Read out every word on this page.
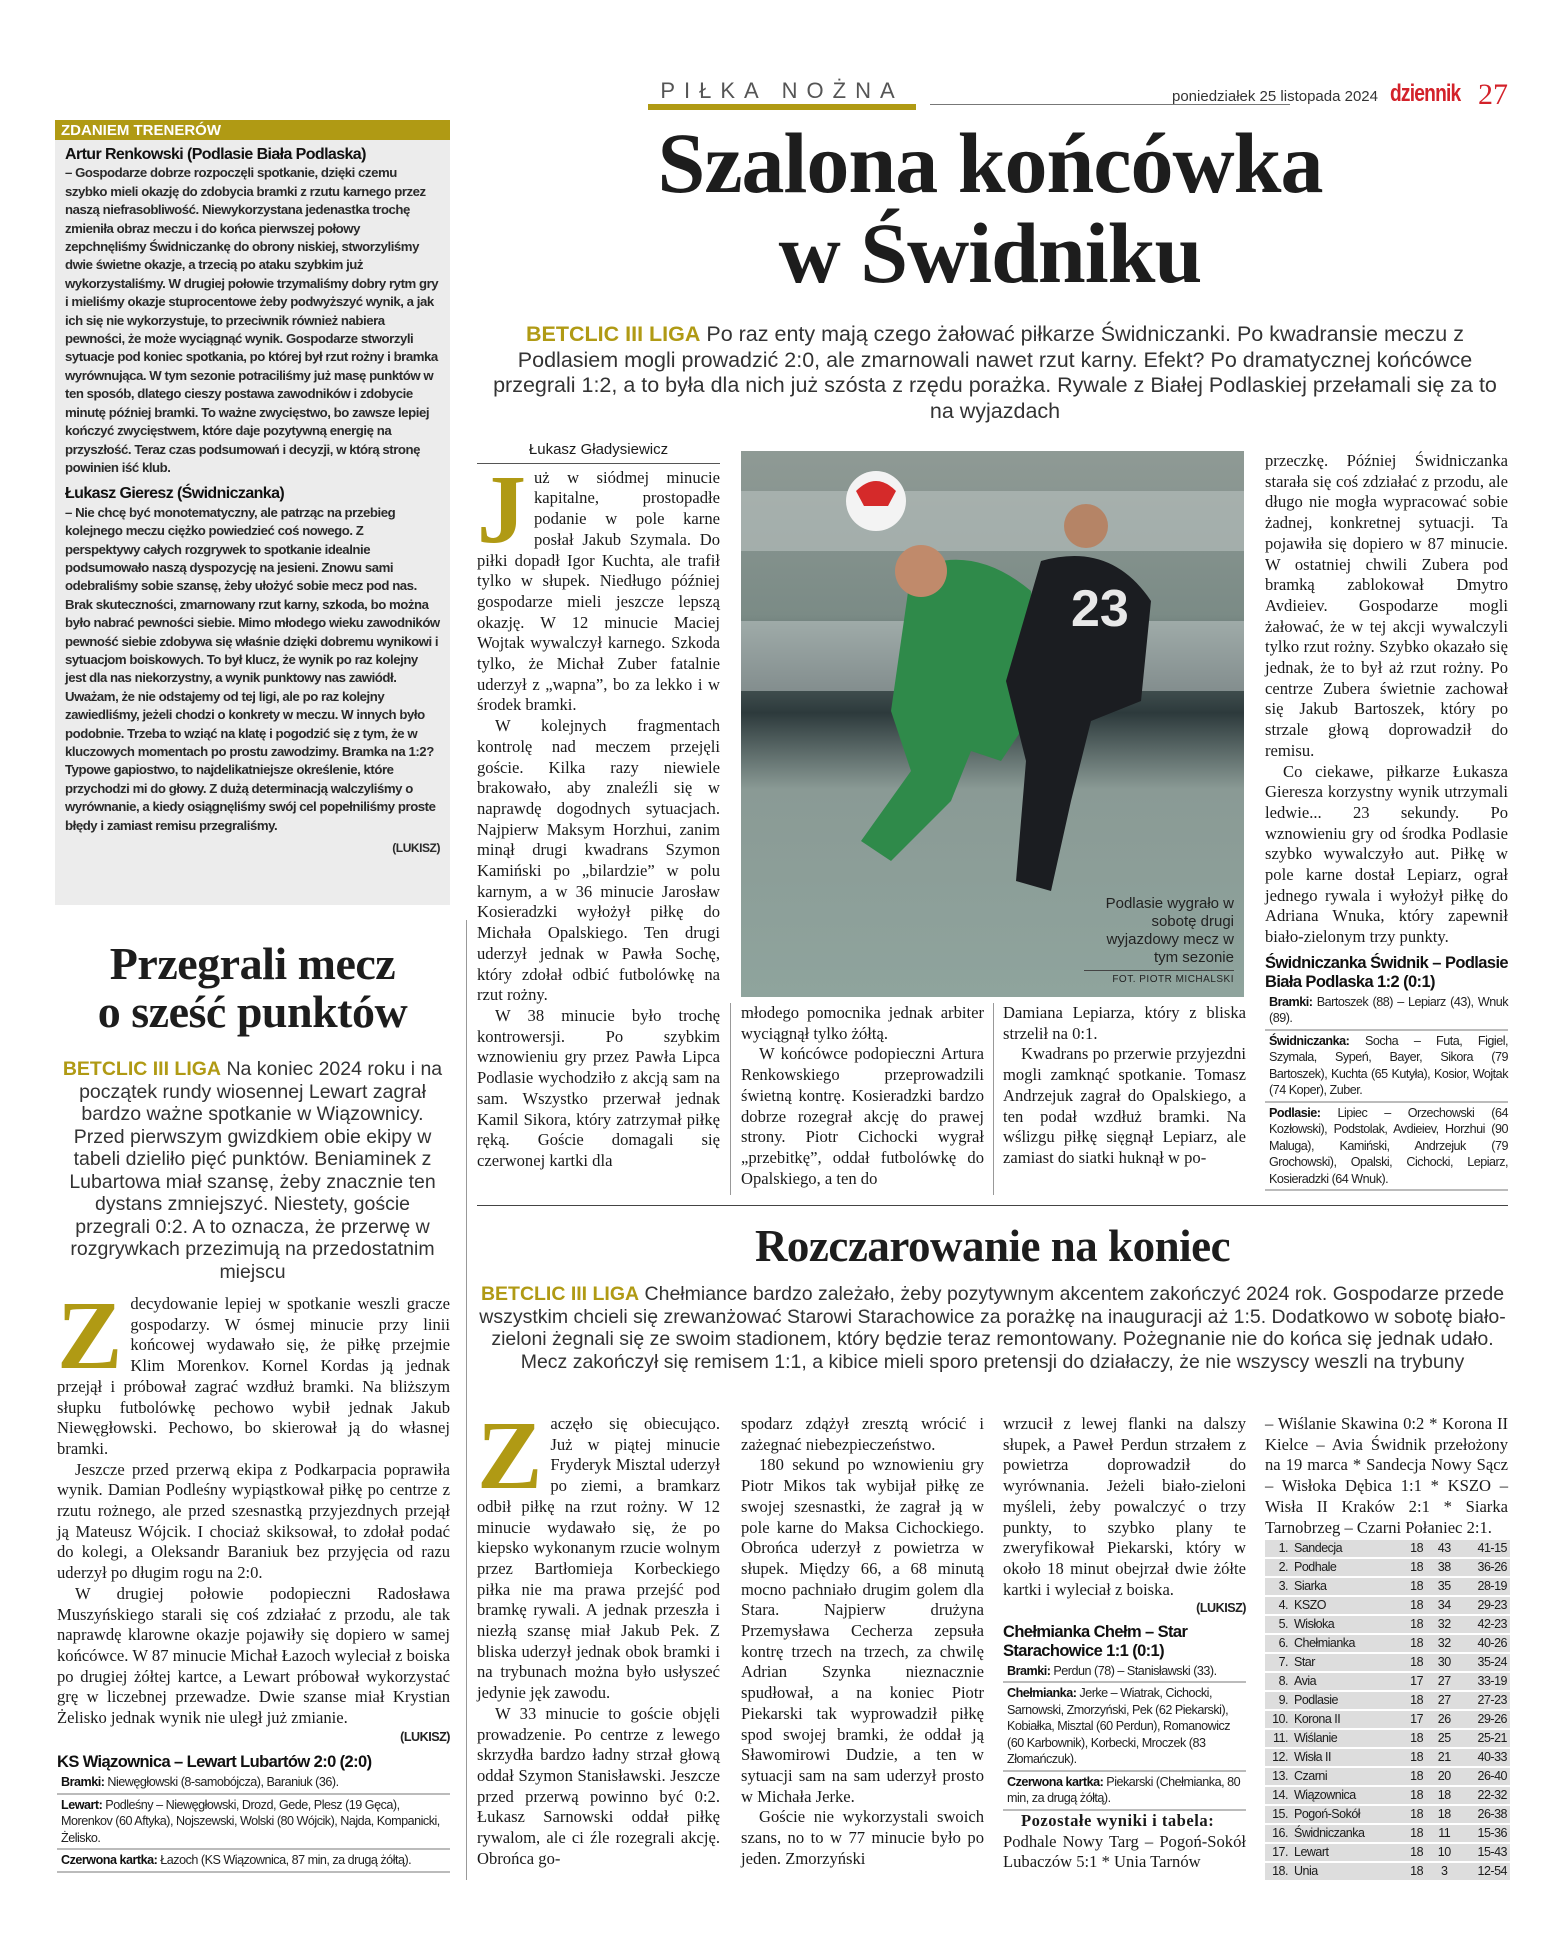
PIŁKA NOŻNA	poniedziałek 25 listopada 2024 dziennik 27
ZDANIEM TRENERÓW
Artur Renkowski (Podlasie Biała Podlaska)
– Gospodarze dobrze rozpoczęli spotkanie, dzięki czemu szybko mieli okazję do zdobycia bramki z rzutu karnego przez naszą niefrasobliwość. Niewykorzystana jedenastka trochę zmieniła obraz meczu i do końca pierwszej połowy zepchnęliśmy Świdniczankę do obrony niskiej, stworzyliśmy dwie świetne okazje, a trzecią po ataku szybkim już wykorzystaliśmy. W drugiej połowie trzymaliśmy dobry rytm gry i mieliśmy okazje stuprocentowe żeby podwyższyć wynik, a jak ich się nie wykorzystuje, to przeciwnik również nabiera pewności, że może wyciągnąć wynik. Gospodarze stworzyli sytuacje pod koniec spotkania, po której był rzut rożny i bramka wyrównująca. W tym sezonie potraciliśmy już masę punktów w ten sposób, dlatego cieszy postawa zawodników i zdobycie minutę później bramki. To ważne zwycięstwo, bo zawsze lepiej kończyć zwycięstwem, które daje pozytywną energię na przyszłość. Teraz czas podsumowań i decyzji, w którą stronę powinien iść klub.
Łukasz Gieresz (Świdniczanka)
– Nie chcę być monotematyczny, ale patrząc na przebieg kolejnego meczu ciężko powiedzieć coś nowego. Z perspektywy całych rozgrywek to spotkanie idealnie podsumowało naszą dyspozycję na jesieni. Znowu sami odebraliśmy sobie szansę, żeby ułożyć sobie mecz pod nas. Brak skuteczności, zmarnowany rzut karny, szkoda, bo można było nabrać pewności siebie. Mimo młodego wieku zawodników pewność siebie zdobywa się właśnie dzięki dobremu wynikowi i sytuacjom boiskowych. To był klucz, że wynik po raz kolejny jest dla nas niekorzystny, a wynik punktowy nas zawiódł. Uważam, że nie odstajemy od tej ligi, ale po raz kolejny zawiedliśmy, jeżeli chodzi o konkrety w meczu. W innych było podobnie. Trzeba to wziąć na klatę i pogodzić się z tym, że w kluczowych momentach po prostu zawodzimy. Bramka na 1:2? Typowe gapiostwo, to najdelikatniejsze określenie, które przychodzi mi do głowy. Z dużą determinacją walczyliśmy o wyrównanie, a kiedy osiągnęliśmy swój cel popełniliśmy proste błędy i zamiast remisu przegraliśmy.
(LUKISZ)
Szalona końcówka
w Świdniku
BETCLIC III LIGA Po raz enty mają czego żałować piłkarze Świdniczanki. Po kwadransie meczu z Podlasiem mogli prowadzić 2:0, ale zmarnowali nawet rzut karny. Efekt? Po dramatycznej końcówce przegrali 1:2, a to była dla nich już szósta z rzędu porażka. Rywale z Białej Podlaskiej przełamali się za to na wyjazdach
Łukasz Gładysiewicz

Już w siódmej minucie kapitalne, prostopadłe podanie w pole karne posłał Jakub Szymala. Do piłki dopadł Igor Kuchta, ale trafił tylko w słupek. Niedługo później gospodarze mieli jeszcze lepszą okazję. W 12 minucie Maciej Wojtak wywalczył karnego. Szkoda tylko, że Michał Zuber fatalnie uderzył z „wapna”, bo za lekko i w środek bramki.

W kolejnych fragmentach kontrolę nad meczem przejęli goście. Kilka razy niewiele brakowało, aby znaleźli się w naprawdę dogodnych sytuacjach. Najpierw Maksym Horzhui, zanim minął drugi kwadrans Szymon Kamiński po „bilardzie” w polu karnym, a w 36 minucie Jarosław Kosieradzki wyłożył piłkę do Michała Opalskiego. Ten drugi uderzył jednak w Pawła Sochę, który zdołał odbić futbolówkę na rzut rożny.

W 38 minucie było trochę kontrowersji. Po szybkim wznowieniu gry przez Pawła Lipca Podlasie wychodziło z akcją sam na sam. Wszystko przerwał jednak Kamil Sikora, który zatrzymał piłkę ręką. Goście domagali się czerwonej kartki dla

23
Podlasie wygrało w sobotę drugi wyjazdowy mecz w tym sezonie
FOT. PIOTR MICHALSKI

młodego pomocnika jednak arbiter wyciągnął tylko żółtą.

W końcówce podopieczni Artura Renkowskiego przeprowadzili świetną kontrę. Kosieradzki bardzo dobrze rozegrał akcję do prawej strony. Piotr Cichocki wygrał „przebitkę”, oddał futbolówkę do Opalskiego, a ten do

Damiana Lepiarza, który z bliska strzelił na 0:1.

Kwadrans po przerwie przyjezdni mogli zamknąć spotkanie. Tomasz Andrzejuk zagrał do Opalskiego, a ten podał wzdłuż bramki. Na wślizgu piłkę sięgnął Lepiarz, ale zamiast do siatki huknął w po-

przeczkę. Później Świdniczanka starała się coś zdziałać z przodu, ale długo nie mogła wypracować sobie żadnej, konkretnej sytuacji. Ta pojawiła się dopiero w 87 minucie. W ostatniej chwili Zubera pod bramką zablokował Dmytro Avdieiev. Gospodarze mogli żałować, że w tej akcji wywalczyli tylko rzut rożny. Szybko okazało się jednak, że to był aż rzut rożny. Po centrze Zubera świetnie zachował się Jakub Bartoszek, który po strzale głową doprowadził do remisu.

Co ciekawe, piłkarze Łukasza Gieresza korzystny wynik utrzymali ledwie... 23 sekundy. Po wznowieniu gry od środka Podlasie szybko wywalczyło aut. Piłkę w pole karne dostał Lepiarz, ograł jednego rywala i wyłożył piłkę do Adriana Wnuka, który zapewnił biało-zielonym trzy punkty.

Świdniczanka Świdnik – Podlasie Biała Podlaska 1:2 (0:1)
Bramki: Bartoszek (88) – Lepiarz (43), Wnuk (89).
Świdniczanka: Socha – Futa, Figiel, Szymala, Sypeń, Bayer, Sikora (79 Bartoszek), Kuchta (65 Kutyła), Kosior, Wojtak (74 Koper), Zuber.
Podlasie: Lipiec – Orzechowski (64 Kozłowski), Podstolak, Avdieiev, Horzhui (90 Maluga), Kamiński, Andrzejuk (79 Grochowski), Opalski, Cichocki, Lepiarz, Kosieradzki (64 Wnuk).
Przegrali mecz
o sześć punktów
BETCLIC III LIGA Na koniec 2024 roku i na początek rundy wiosennej Lewart zagrał bardzo ważne spotkanie w Wiązownicy. Przed pierwszym gwizdkiem obie ekipy w tabeli dzieliło pięć punktów. Beniaminek z Lubartowa miał szansę, żeby znacznie ten dystans zmniejszyć. Niestety, goście przegrali 0:2. A to oznacza, że przerwę w rozgrywkach przezimują na przedostatnim miejscu

Zdecydowanie lepiej w spotkanie weszli gracze gospodarzy. W ósmej minucie przy linii końcowej wydawało się, że piłkę przejmie Klim Morenkov. Kornel Kordas ją jednak przejął i próbował zagrać wzdłuż bramki. Na bliższym słupku futbolówkę pechowo wybił jednak Jakub Niewęgłowski. Pechowo, bo skierował ją do własnej bramki.

Jeszcze przed przerwą ekipa z Podkarpacia poprawiła wynik. Damian Podleśny wypiąstkował piłkę po centrze z rzutu rożnego, ale przed szesnastką przyjezdnych przejął ją Mateusz Wójcik. I chociaż skiksował, to zdołał podać do kolegi, a Oleksandr Baraniuk bez przyjęcia od razu uderzył po długim rogu na 2:0.

W drugiej połowie podopieczni Radosława Muszyńskiego starali się coś zdziałać z przodu, ale tak naprawdę klarowne okazje pojawiły się dopiero w samej końcówce. W 87 minucie Michał Łazoch wyleciał z boiska po drugiej żółtej kartce, a Lewart próbował wykorzystać grę w liczebnej przewadze. Dwie szanse miał Krystian Żelisko jednak wynik nie uległ już zmianie.

(LUKISZ)
KS Wiązownica – Lewart Lubartów 2:0 (2:0)
Bramki: Niewęgłowski (8-samobójcza), Baraniuk (36).
Lewart: Podleśny – Niewęgłowski, Drozd, Gede, Plesz (19 Gęca), Morenkov (60 Aftyka), Nojszewski, Wolski (80 Wójcik), Najda, Kompanicki, Żelisko.
Czerwona kartka: Łazoch (KS Wiązownica, 87 min, za drugą żółtą).
Rozczarowanie na koniec
BETCLIC III LIGA Chełmiance bardzo zależało, żeby pozytywnym akcentem zakończyć 2024 rok. Gospodarze przede wszystkim chcieli się zrewanżować Starowi Starachowice za porażkę na inauguracji aż 1:5. Dodatkowo w sobotę biało-zieloni żegnali się ze swoim stadionem, który będzie teraz remontowany. Pożegnanie nie do końca się jednak udało. Mecz zakończył się remisem 1:1, a kibice mieli sporo pretensji do działaczy, że nie wszyscy weszli na trybuny

Zaczęło się obiecująco. Już w piątej minucie Fryderyk Misztal uderzył po ziemi, a bramkarz odbił piłkę na rzut rożny. W 12 minucie wydawało się, że po kiepsko wykonanym rzucie wolnym przez Bartłomieja Korbeckiego piłka nie ma prawa przejść pod bramkę rywali. A jednak przeszła i niezłą szansę miał Jakub Pek. Z bliska uderzył jednak obok bramki i na trybunach można było usłyszeć jedynie jęk zawodu.

W 33 minucie to goście objęli prowadzenie. Po centrze z lewego skrzydła bardzo ładny strzał głową oddał Szymon Stanisławski. Jeszcze przed przerwą powinno być 0:2. Łukasz Sarnowski oddał piłkę rywalom, ale ci źle rozegrali akcję. Obrońca go-

spodarz zdążył zresztą wrócić i zażegnać niebezpieczeństwo.

180 sekund po wznowieniu gry Piotr Mikos tak wybijał piłkę ze swojej szesnastki, że zagrał ją w pole karne do Maksa Cichockiego. Obrońca uderzył z powietrza w słupek. Między 66, a 68 minutą mocno pachniało drugim golem dla Stara. Najpierw drużyna Przemysława Cecherza zepsuła kontrę trzech na trzech, za chwilę Adrian Szynka nieznacznie spudłował, a na koniec Piotr Piekarski tak wyprowadził piłkę spod swojej bramki, że oddał ją Sławomirowi Dudzie, a ten w sytuacji sam na sam uderzył prosto w Michała Jerke.

Goście nie wykorzystali swoich szans, no to w 77 minucie było po jeden. Zmorzyński

wrzucił z lewej flanki na dalszy słupek, a Paweł Perdun strzałem z powietrza doprowadził do wyrównania. Jeżeli biało-zieloni myśleli, żeby powalczyć o trzy punkty, to szybko plany te zweryfikował Piekarski, który w około 18 minut obejrzał dwie żółte kartki i wyleciał z boiska.

(LUKISZ)
Chełmianka Chełm – Star Starachowice 1:1 (0:1)
Bramki: Perdun (78) – Stanisławski (33).
Chełmianka: Jerke – Wiatrak, Cichocki, Sarnowski, Zmorzyński, Pek (62 Piekarski), Kobiałka, Misztal (60 Perdun), Romanowicz (60 Karbownik), Korbecki, Mroczek (83 Złomańczuk).
Czerwona kartka: Piekarski (Chełmianka, 80 min, za drugą żółtą).

Pozostałe wyniki i tabela:

Podhale Nowy Targ – Pogoń-Sokół Lubaczów 5:1 * Unia Tarnów

– Wiślanie Skawina 0:2 * Korona II Kielce – Avia Świdnik przełożony na 19 marca * Sandecja Nowy Sącz – Wisłoka Dębica 1:1 * KSZO – Wisła II Kraków 2:1 * Siarka Tarnobrzeg – Czarni Połaniec 2:1.

1.	Sandecja	18	43	41-15
2.	Podhale	18	38	36-26
3.	Siarka	18	35	28-19
4.	KSZO	18	34	29-23
5.	Wisłoka	18	32	42-23
6.	Chełmianka	18	32	40-26
7.	Star	18	30	35-24
8.	Avia	17	27	33-19
9.	Podlasie	18	27	27-23
10.	Korona II	17	26	29-26
11.	Wiślanie	18	25	25-21
12.	Wisła II	18	21	40-33
13.	Czarni	18	20	26-40
14.	Wiązownica	18	18	22-32
15.	Pogoń-Sokół	18	18	26-38
16.	Świdniczanka	18	11	15-36
17.	Lewart	18	10	15-43
18.	Unia	18	3	12-54
